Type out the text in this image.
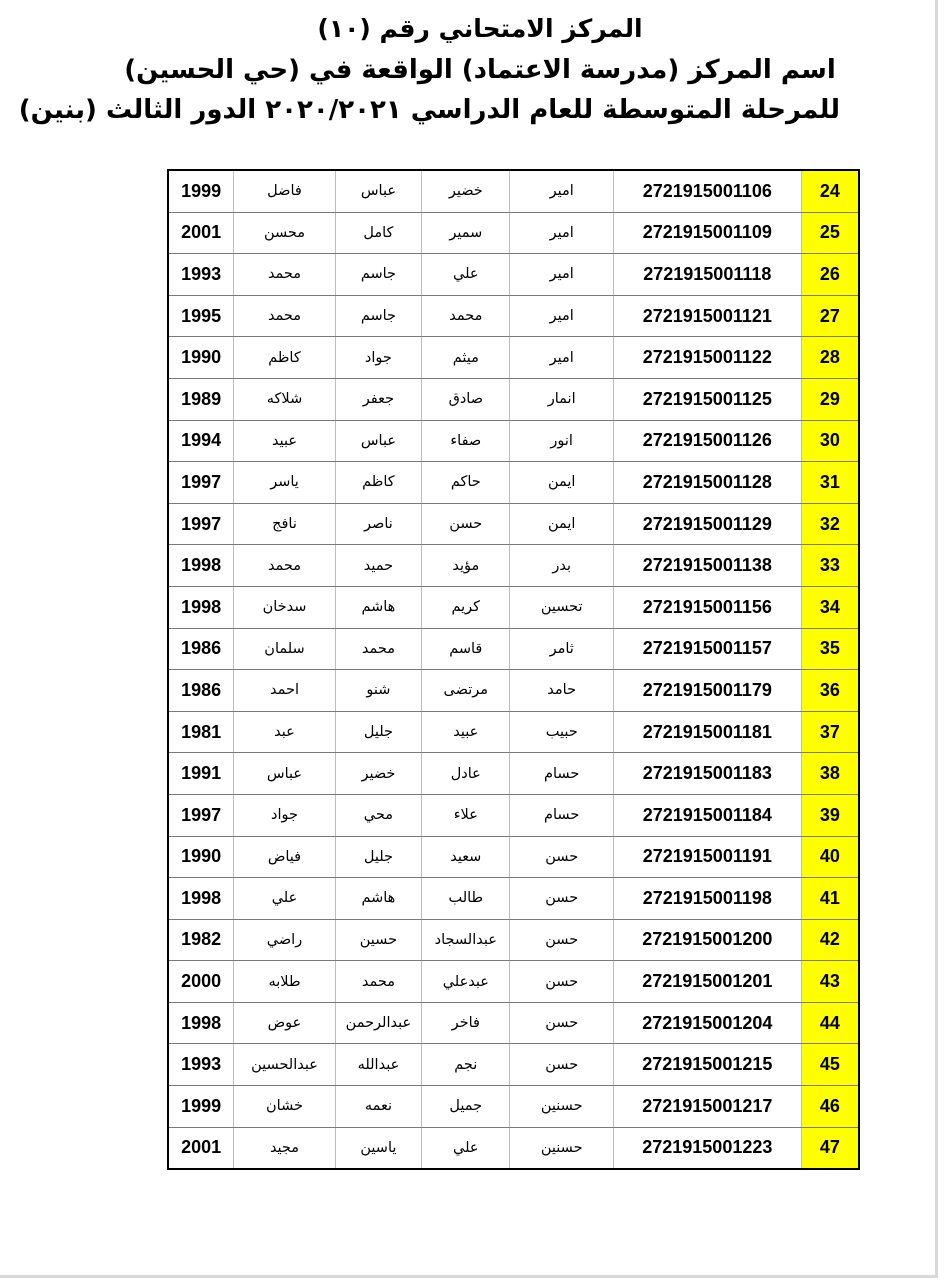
المركز الامتحاني رقم (١٠)
اسم المركز (مدرسة الاعتماد) الواقعة في (حي الحسين)
للمرحلة المتوسطة للعام الدراسي ٢٠٢٠/٢٠٢١ الدور الثالث (بنين)
1999	فاضل	عباس	خضير	امير	2721915001106	24
2001	محسن	كامل	سمير	امير	2721915001109	25
1993	محمد	جاسم	علي	امير	2721915001118	26
1995	محمد	جاسم	محمد	امير	2721915001121	27
1990	كاظم	جواد	ميثم	امير	2721915001122	28
1989	شلاكه	جعفر	صادق	انمار	2721915001125	29
1994	عبيد	عباس	صفاء	انور	2721915001126	30
1997	ياسر	كاظم	حاكم	ايمن	2721915001128	31
1997	نافج	ناصر	حسن	ايمن	2721915001129	32
1998	محمد	حميد	مؤيد	بدر	2721915001138	33
1998	سدخان	هاشم	كريم	تحسين	2721915001156	34
1986	سلمان	محمد	قاسم	ثامر	2721915001157	35
1986	احمد	شنو	مرتضى	حامد	2721915001179	36
1981	عبد	جليل	عبيد	حبيب	2721915001181	37
1991	عباس	خضير	عادل	حسام	2721915001183	38
1997	جواد	محي	علاء	حسام	2721915001184	39
1990	فياض	جليل	سعيد	حسن	2721915001191	40
1998	علي	هاشم	طالب	حسن	2721915001198	41
1982	راضي	حسين	عبدالسجاد	حسن	2721915001200	42
2000	طلابه	محمد	عبدعلي	حسن	2721915001201	43
1998	عوض	عبدالرحمن	فاخر	حسن	2721915001204	44
1993	عبدالحسين	عبدالله	نجم	حسن	2721915001215	45
1999	خشان	نعمه	جميل	حسنين	2721915001217	46
2001	مجيد	ياسين	علي	حسنين	2721915001223	47
